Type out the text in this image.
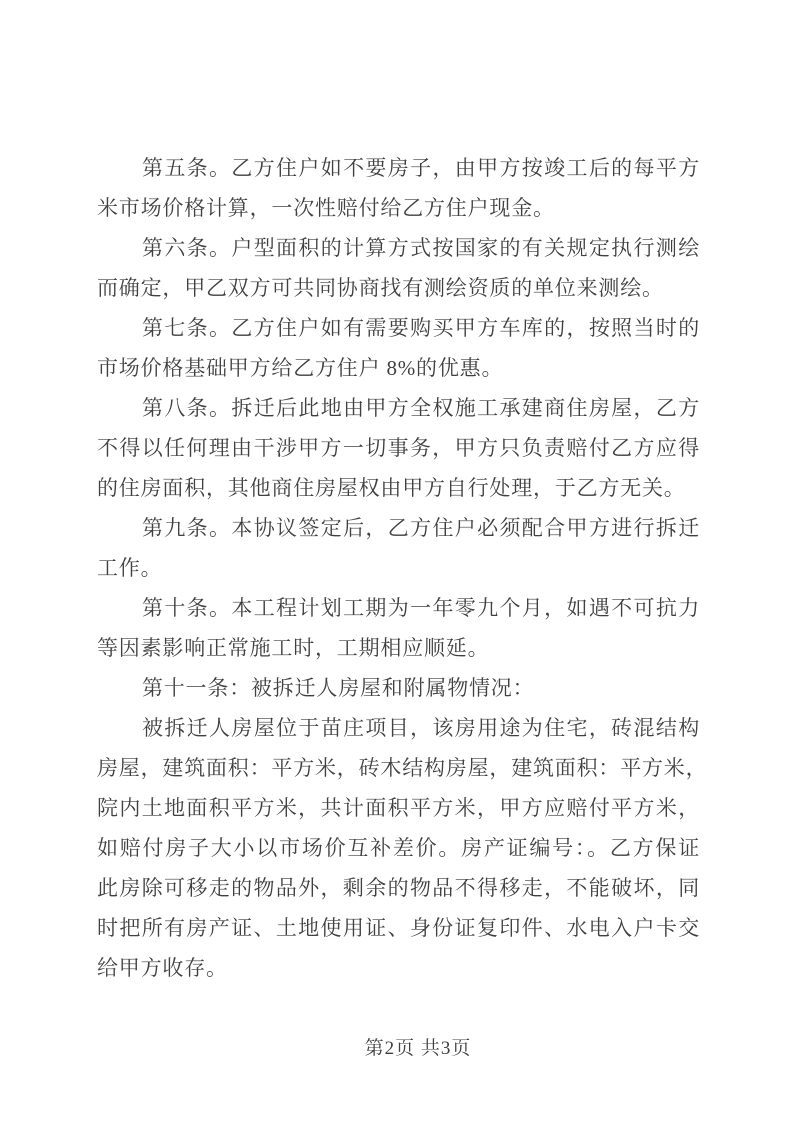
第五条。乙方住户如不要房子，由甲方按竣工后的每平方
米市场价格计算，一次性赔付给乙方住户现金。
第六条。户型面积的计算方式按国家的有关规定执行测绘
而确定，甲乙双方可共同协商找有测绘资质的单位来测绘。
第七条。乙方住户如有需要购买甲方车库的，按照当时的
市场价格基础甲方给乙方住户 8%的优惠。
第八条。拆迁后此地由甲方全权施工承建商住房屋，乙方
不得以任何理由干涉甲方一切事务，甲方只负责赔付乙方应得
的住房面积，其他商住房屋权由甲方自行处理，于乙方无关。
第九条。本协议签定后，乙方住户必须配合甲方进行拆迁
工作。
第十条。本工程计划工期为一年零九个月，如遇不可抗力
等因素影响正常施工时，工期相应顺延。
第十一条：被拆迁人房屋和附属物情况：
被拆迁人房屋位于苗庄项目，该房用途为住宅，砖混结构
房屋，建筑面积：平方米，砖木结构房屋，建筑面积：平方米，
院内土地面积平方米，共计面积平方米，甲方应赔付平方米，
如赔付房子大小以市场价互补差价。房产证编号：。乙方保证
此房除可移走的物品外，剩余的物品不得移走，不能破坏，同
时把所有房产证、土地使用证、身份证复印件、水电入户卡交
给甲方收存。
第2页 共3页
